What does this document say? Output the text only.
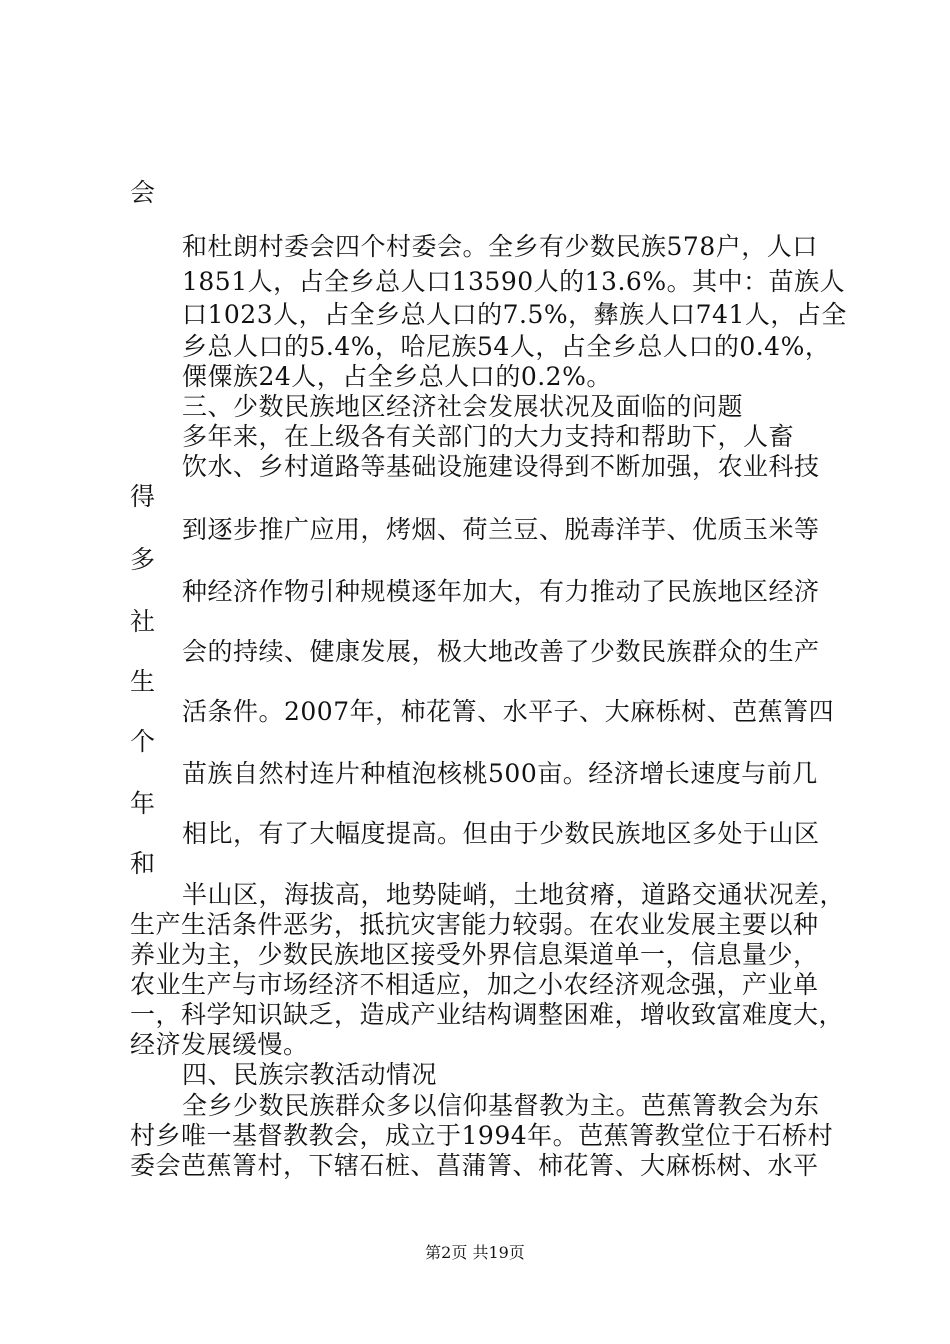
会
和杜朗村委会四个村委会。全乡有少数民族578户，人口
1851人，占全乡总人口13590人的13.6%。其中：苗族人
口1023人，占全乡总人口的7.5%，彝族人口741人，占全
乡总人口的5.4%，哈尼族54人，占全乡总人口的0.4%，
傈僳族24人，占全乡总人口的0.2%。
三、少数民族地区经济社会发展状况及面临的问题
多年来，在上级各有关部门的大力支持和帮助下，人畜
饮水、乡村道路等基础设施建设得到不断加强，农业科技
得
到逐步推广应用，烤烟、荷兰豆、脱毒洋芋、优质玉米等
多
种经济作物引种规模逐年加大，有力推动了民族地区经济
社
会的持续、健康发展，极大地改善了少数民族群众的生产
生
活条件。2007年，柿花箐、水平子、大麻栎树、芭蕉箐四
个
苗族自然村连片种植泡核桃500亩。经济增长速度与前几
年
相比，有了大幅度提高。但由于少数民族地区多处于山区
和
半山区，海拔高，地势陡峭，土地贫瘠，道路交通状况差，
生产生活条件恶劣，抵抗灾害能力较弱。在农业发展主要以种
养业为主，少数民族地区接受外界信息渠道单一，信息量少，
农业生产与市场经济不相适应，加之小农经济观念强，产业单
一，科学知识缺乏，造成产业结构调整困难，增收致富难度大，
经济发展缓慢。
四、民族宗教活动情况
全乡少数民族群众多以信仰基督教为主。芭蕉箐教会为东
村乡唯一基督教教会，成立于1994年。芭蕉箐教堂位于石桥村
委会芭蕉箐村，下辖石桩、菖蒲箐、柿花箐、大麻栎树、水平
第2页 共19页
